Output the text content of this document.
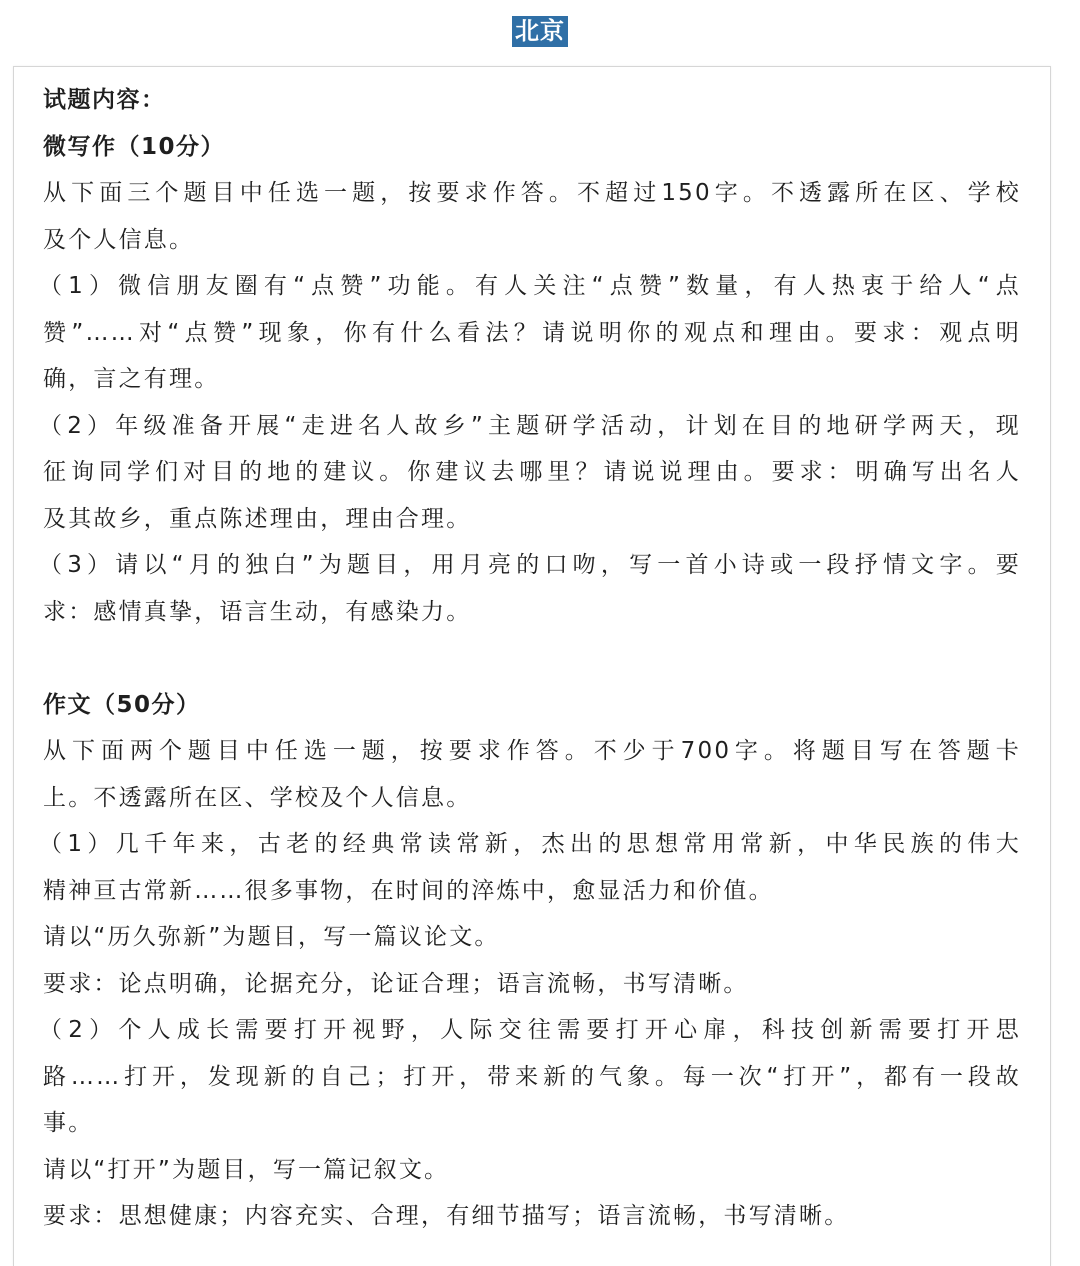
北京
试题内容：
微写作（10分）
从下面三个题目中任选一题，按要求作答。不超过150字。不透露所在区、学校
及个人信息。
（1）微信朋友圈有“点赞”功能。有人关注“点赞”数量，有人热衷于给人“点
赞”……对“点赞”现象，你有什么看法？请说明你的观点和理由。要求：观点明
确，言之有理。
（2）年级准备开展“走进名人故乡”主题研学活动，计划在目的地研学两天，现
征询同学们对目的地的建议。你建议去哪里？请说说理由。要求：明确写出名人
及其故乡，重点陈述理由，理由合理。
（3）请以“月的独白”为题目，用月亮的口吻，写一首小诗或一段抒情文字。要
求：感情真挚，语言生动，有感染力。
作文（50分）
从下面两个题目中任选一题，按要求作答。不少于700字。将题目写在答题卡
上。不透露所在区、学校及个人信息。
（1）几千年来，古老的经典常读常新，杰出的思想常用常新，中华民族的伟大
精神亘古常新……很多事物，在时间的淬炼中，愈显活力和价值。
请以“历久弥新”为题目，写一篇议论文。
要求：论点明确，论据充分，论证合理；语言流畅，书写清晰。
（2）个人成长需要打开视野，人际交往需要打开心扉，科技创新需要打开思
路……打开，发现新的自己；打开，带来新的气象。每一次“打开”，都有一段故
事。
请以“打开”为题目，写一篇记叙文。
要求：思想健康；内容充实、合理，有细节描写；语言流畅，书写清晰。
